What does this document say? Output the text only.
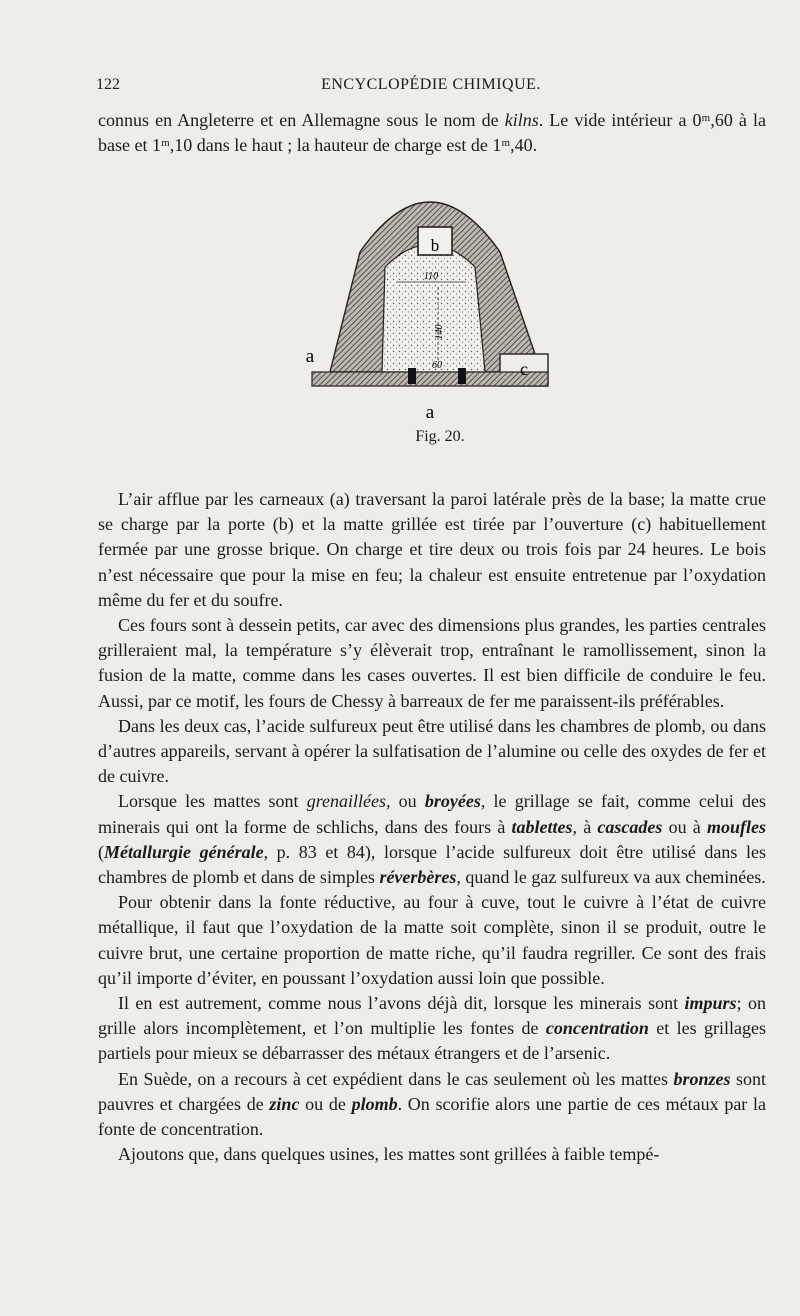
122	ENCYCLOPÉDIE CHIMIQUE.

connus en Angleterre et en Allemagne sous le nom de kilns. Le vide intérieur a 0ᵐ,60 à la base et 1ᵐ,10 dans le haut ; la hauteur de charge est de 1ᵐ,40.

b
a
c
a
110
60
140
Fig. 20.

L’air afflue par les carneaux (a) traversant la paroi latérale près de la base; la matte crue se charge par la porte (b) et la matte grillée est tirée par l’ouverture (c) habituellement fermée par une grosse brique. On charge et tire deux ou trois fois par 24 heures. Le bois n’est nécessaire que pour la mise en feu; la chaleur est ensuite entretenue par l’oxydation même du fer et du soufre.

Ces fours sont à dessein petits, car avec des dimensions plus grandes, les parties centrales grilleraient mal, la température s’y élèverait trop, entraînant le ramollissement, sinon la fusion de la matte, comme dans les cases ouvertes. Il est bien difficile de conduire le feu. Aussi, par ce motif, les fours de Chessy à barreaux de fer me paraissent-ils préférables.

Dans les deux cas, l’acide sulfureux peut être utilisé dans les chambres de plomb, ou dans d’autres appareils, servant à opérer la sulfatisation de l’alumine ou celle des oxydes de fer et de cuivre.

Lorsque les mattes sont grenaillées, ou broyées, le grillage se fait, comme celui des minerais qui ont la forme de schlichs, dans des fours à tablettes, à cascades ou à moufles (Métallurgie générale, p. 83 et 84), lorsque l’acide sulfureux doit être utilisé dans les chambres de plomb et dans de simples réverbères, quand le gaz sulfureux va aux cheminées.

Pour obtenir dans la fonte réductive, au four à cuve, tout le cuivre à l’état de cuivre métallique, il faut que l’oxydation de la matte soit complète, sinon il se produit, outre le cuivre brut, une certaine proportion de matte riche, qu’il faudra regriller. Ce sont des frais qu’il importe d’éviter, en poussant l’oxydation aussi loin que possible.

Il en est autrement, comme nous l’avons déjà dit, lorsque les minerais sont impurs; on grille alors incomplètement, et l’on multiplie les fontes de concentration et les grillages partiels pour mieux se débarrasser des métaux étrangers et de l’arsenic.

En Suède, on a recours à cet expédient dans le cas seulement où les mattes bronzes sont pauvres et chargées de zinc ou de plomb. On scorifie alors une partie de ces métaux par la fonte de concentration.

Ajoutons que, dans quelques usines, les mattes sont grillées à faible tempé-
